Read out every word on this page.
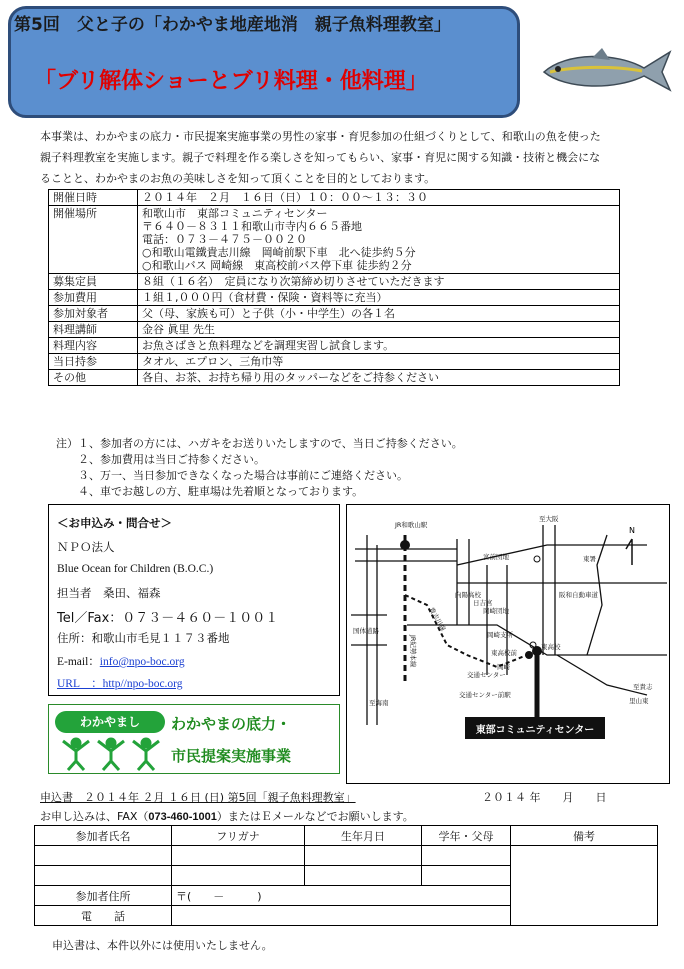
第5回　父と子の「わかやま地産地消　親子魚料理教室」
「ブリ解体ショーとブリ料理・他料理」
本事業は、わかやまの底力・市民提案実施事業の男性の家事・育児参加の仕組づくりとして、和歌山の魚を使った
親子料理教室を実施します。親子で料理を作る楽しさを知ってもらい、家事・育児に関する知識・技術と機会にな
ることと、わかやまのお魚の美味しさを知って頂くことを目的としております。
開催日時	２０１４年　２月　１６日（日）１０：００～１３：３０
開催場所	和歌山市　東部コミュニティセンター
〒６４０－８３１１和歌山市寺内６６５番地
電話：０７３－４７５－００２０
○和歌山電鐵貴志川線　岡崎前駅下車　北へ徒歩約５分
○和歌山バス 岡崎線　東高校前バス停下車 徒歩約２分

募集定員	８組（１６名）　定員になり次第締め切りさせていただきます
参加費用	１組１,０００円（食材費・保険・資料等に充当）
参加対象者	父（母、家族も可）と子供（小・中学生）の各１名
料理講師	金谷 眞里 先生
料理内容	お魚さばきと魚料理などを調理実習し試食します。
当日持参	タオル、エプロン、三角巾等
その他	各自、お茶、お持ち帰り用のタッパーなどをご持参ください
注）１、参加者の方には、ハガキをお送りいたしますので、当日ご持参ください。
　　２、参加費用は当日ご持参ください。
　　３、万一、当日参加できなくなった場合は事前にご連絡ください。
　　４、車でお越しの方、駐車場は先着順となっております。
＜お申込み・問合せ＞
ＮＰＯ法人
Blue Ocean for Children (B.O.C.)
担当者　桑田、福森
Tel／Fax：０７３－４６０－１００１
住所：和歌山市毛見１１７３番地
E-mail：info@npo-boc.org
URL　：http//npo-boc.org
わかやまし	わかやまの底力・
市民提案実施事業
東部コミュニティセンター
N
JR和歌山駅
至大阪
東署
宮前団地
向陽高校
日吉宮
阪和自動車道
岡崎団地
国体道路
JR紀勢本線
貴志川線
岡崎支所
東高校前
岡崎
東高校
交通センター
交通センター前駅
至貴志
里山東
至海南
申込書　２０１４年 ２月 １６日 (日) 第5回「親子魚料理教室」	２０１４ 年　　月　　日
お申し込みは、FAX（073-460-1001）またはＥメールなどでお願いします。
参加者氏名	フリガナ	生年月日	学年・父母	備考

参加者住所	〒(　　－　　　)			
電　　話				
申込書は、本件以外には使用いたしません。
